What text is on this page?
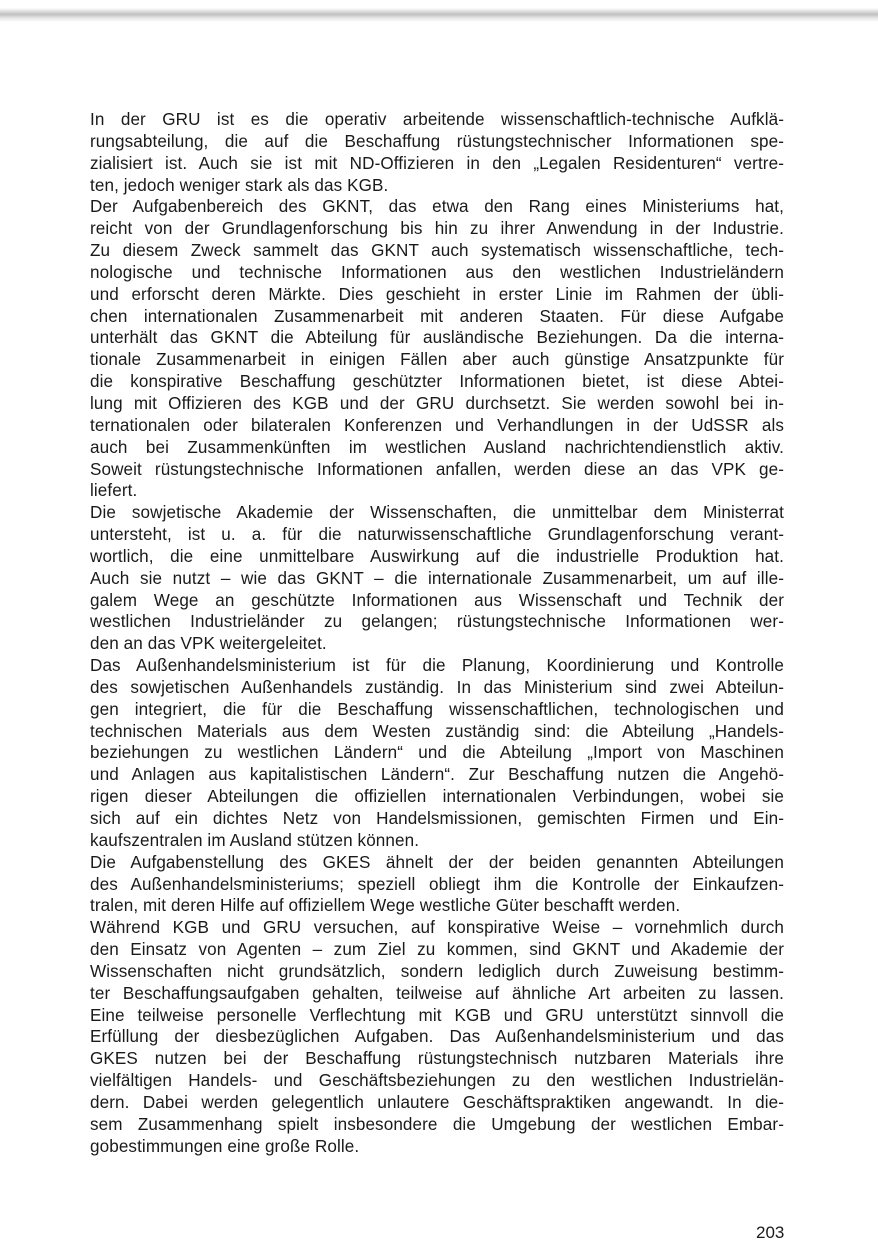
In der GRU ist es die operativ arbeitende wissenschaftlich-technische Aufklä-
rungsabteilung, die auf die Beschaffung rüstungstechnischer Informationen spe-
zialisiert ist. Auch sie ist mit ND-Offizieren in den „Legalen Residenturen“ vertre-
ten, jedoch weniger stark als das KGB.
Der Aufgabenbereich des GKNT, das etwa den Rang eines Ministeriums hat,
reicht von der Grundlagenforschung bis hin zu ihrer Anwendung in der Industrie.
Zu diesem Zweck sammelt das GKNT auch systematisch wissenschaftliche, tech-
nologische und technische Informationen aus den westlichen Industrieländern
und erforscht deren Märkte. Dies geschieht in erster Linie im Rahmen der übli-
chen internationalen Zusammenarbeit mit anderen Staaten. Für diese Aufgabe
unterhält das GKNT die Abteilung für ausländische Beziehungen. Da die interna-
tionale Zusammenarbeit in einigen Fällen aber auch günstige Ansatzpunkte für
die konspirative Beschaffung geschützter Informationen bietet, ist diese Abtei-
lung mit Offizieren des KGB und der GRU durchsetzt. Sie werden sowohl bei in-
ternationalen oder bilateralen Konferenzen und Verhandlungen in der UdSSR als
auch bei Zusammenkünften im westlichen Ausland nachrichtendienstlich aktiv.
Soweit rüstungstechnische Informationen anfallen, werden diese an das VPK ge-
liefert.
Die sowjetische Akademie der Wissenschaften, die unmittelbar dem Ministerrat
untersteht, ist u. a. für die naturwissenschaftliche Grundlagenforschung verant-
wortlich, die eine unmittelbare Auswirkung auf die industrielle Produktion hat.
Auch sie nutzt – wie das GKNT – die internationale Zusammenarbeit, um auf ille-
galem Wege an geschützte Informationen aus Wissenschaft und Technik der
westlichen Industrieländer zu gelangen; rüstungstechnische Informationen wer-
den an das VPK weitergeleitet.
Das Außenhandelsministerium ist für die Planung, Koordinierung und Kontrolle
des sowjetischen Außenhandels zuständig. In das Ministerium sind zwei Abteilun-
gen integriert, die für die Beschaffung wissenschaftlichen, technologischen und
technischen Materials aus dem Westen zuständig sind: die Abteilung „Handels-
beziehungen zu westlichen Ländern“ und die Abteilung „Import von Maschinen
und Anlagen aus kapitalistischen Ländern“. Zur Beschaffung nutzen die Angehö-
rigen dieser Abteilungen die offiziellen internationalen Verbindungen, wobei sie
sich auf ein dichtes Netz von Handelsmissionen, gemischten Firmen und Ein-
kaufszentralen im Ausland stützen können.
Die Aufgabenstellung des GKES ähnelt der der beiden genannten Abteilungen
des Außenhandelsministeriums; speziell obliegt ihm die Kontrolle der Einkaufzen-
tralen, mit deren Hilfe auf offiziellem Wege westliche Güter beschafft werden.
Während KGB und GRU versuchen, auf konspirative Weise – vornehmlich durch
den Einsatz von Agenten – zum Ziel zu kommen, sind GKNT und Akademie der
Wissenschaften nicht grundsätzlich, sondern lediglich durch Zuweisung bestimm-
ter Beschaffungsaufgaben gehalten, teilweise auf ähnliche Art arbeiten zu lassen.
Eine teilweise personelle Verflechtung mit KGB und GRU unterstützt sinnvoll die
Erfüllung der diesbezüglichen Aufgaben. Das Außenhandelsministerium und das
GKES nutzen bei der Beschaffung rüstungstechnisch nutzbaren Materials ihre
vielfältigen Handels- und Geschäftsbeziehungen zu den westlichen Industrielän-
dern. Dabei werden gelegentlich unlautere Geschäftspraktiken angewandt. In die-
sem Zusammenhang spielt insbesondere die Umgebung der westlichen Embar-
gobestimmungen eine große Rolle.
203
